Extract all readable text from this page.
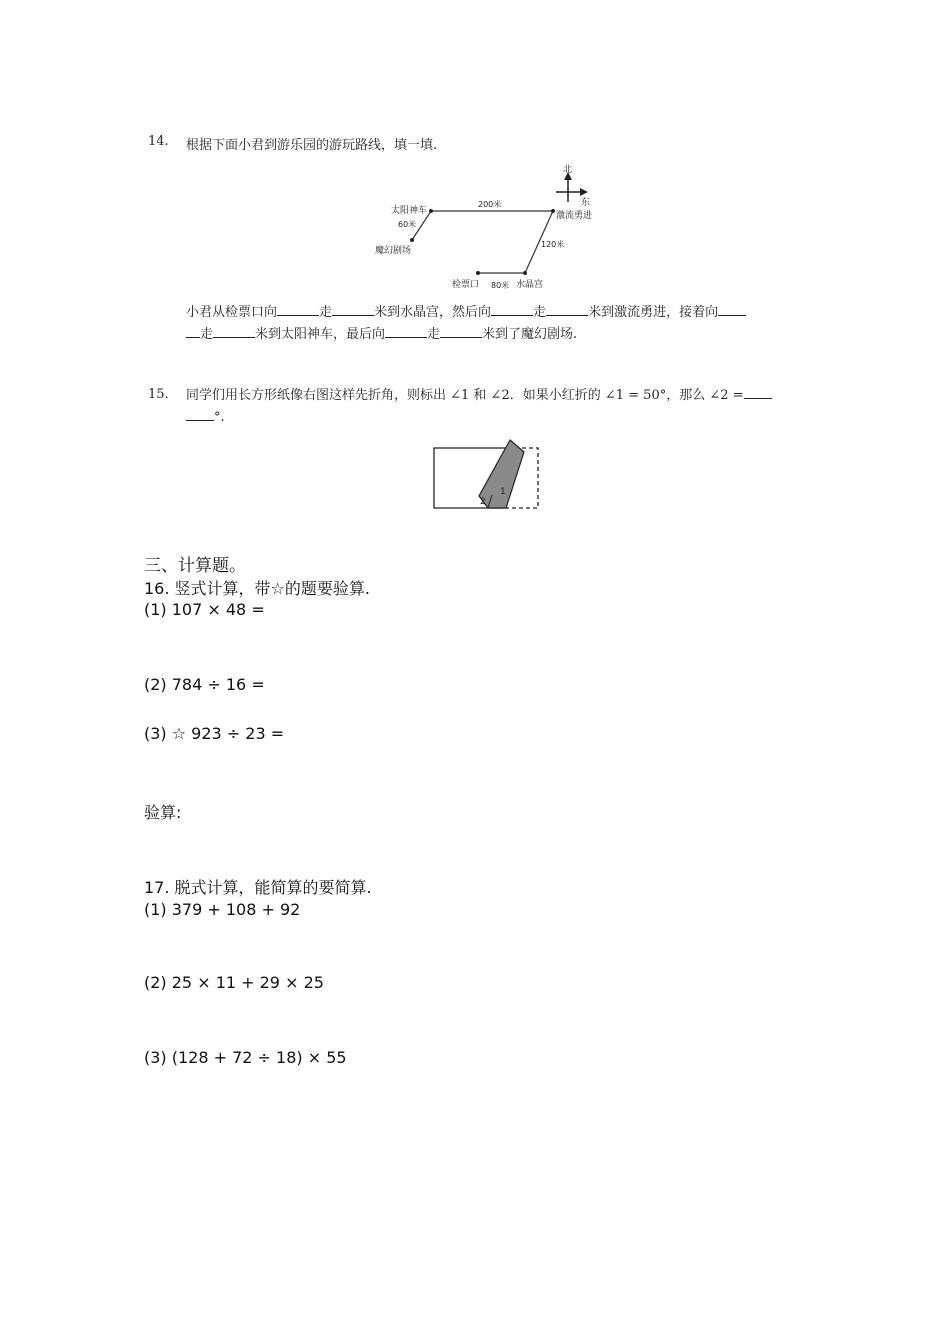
14. 根据下面小君到游乐园的游玩路线，填一填.
北
东
200米
60米
120米
80米
太阳神车	激流勇进
魔幻剧场
检票口	水晶宫
小君从检票口向	走	米到水晶宫，然后向	走	米到激流勇进，接着向
走	米到太阳神车，最后向	走	米到了魔幻剧场.
15. 同学们用长方形纸像右图这样先折角，则标出 ∠1 和 ∠2．如果小红折的 ∠1 = 50°，那么 ∠2 =
°.
1
2
三、计算题。
16. 竖式计算，带☆的题要验算.
(1) 107 × 48 =
(2) 784 ÷ 16 =
(3) ☆ 923 ÷ 23 =
验算:
17. 脱式计算，能简算的要简算.
(1) 379 + 108 + 92
(2) 25 × 11 + 29 × 25
(3) (128 + 72 ÷ 18) × 55
